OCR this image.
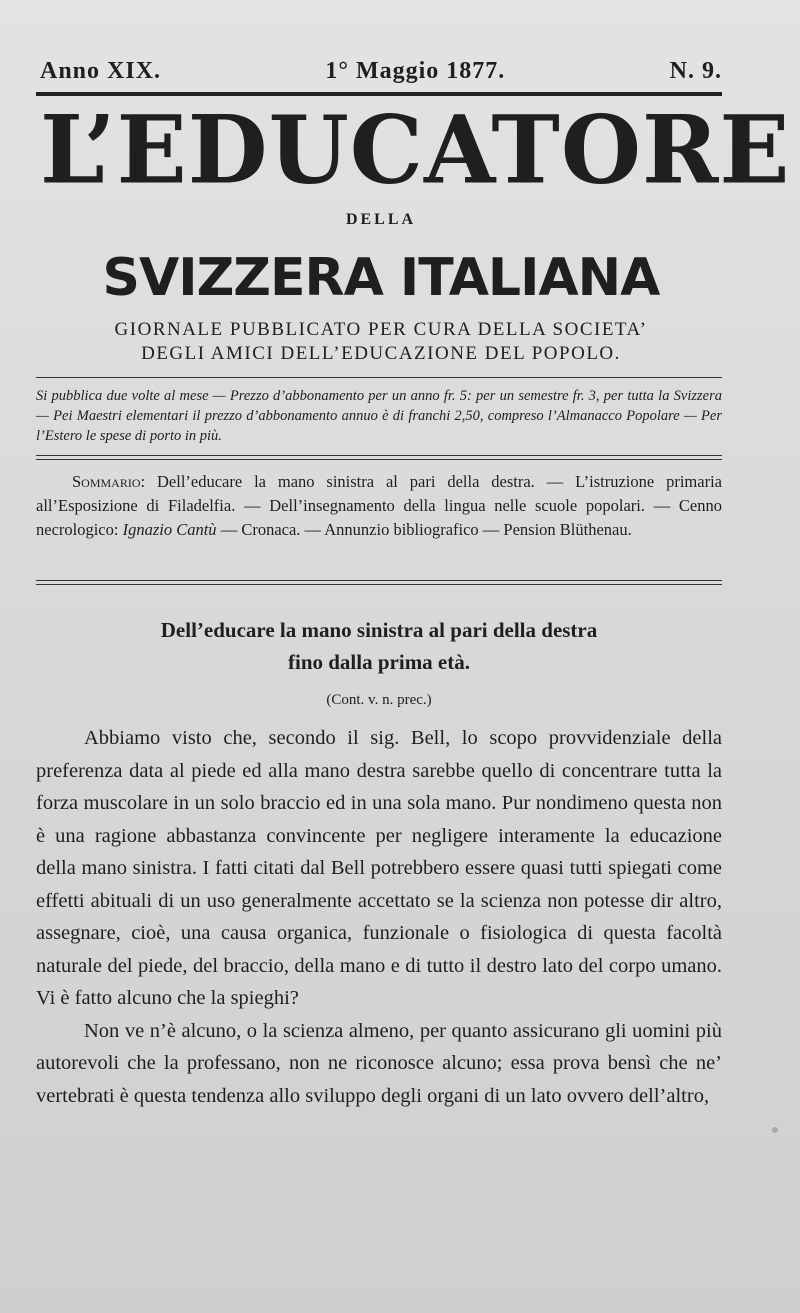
Anno XIX.	1° Maggio 1877.	N. 9.
L’EDUCATORE
DELLA
SVIZZERA ITALIANA
GIORNALE PUBBLICATO PER CURA DELLA SOCIETA’
DEGLI AMICI DELL’EDUCAZIONE DEL POPOLO.
Si pubblica due volte al mese — Prezzo d’abbonamento per un anno fr. 5: per un semestre fr. 3, per tutta la Svizzera — Pei Maestri elementari il prezzo d’abbonamento annuo è di franchi 2,50, compreso l’Almanacco Popolare — Per l’Estero le spese di porto in più.
Sommario: Dell’educare la mano sinistra al pari della destra. — L’istruzione primaria all’Esposizione di Filadelfia. — Dell’insegnamento della lingua nelle scuole popolari. — Cenno necrologico: Ignazio Cantù — Cronaca. — Annunzio bibliografico — Pension Blüthenau.
Dell’educare la mano sinistra al pari della destra
fino dalla prima età.
(Cont. v. n. prec.)

Abbiamo visto che, secondo il sig. Bell, lo scopo provvidenziale della preferenza data al piede ed alla mano destra sarebbe quello di concentrare tutta la forza muscolare in un solo braccio ed in una sola mano. Pur nondimeno questa non è una ragione abbastanza convincente per negligere interamente la educazione della mano sinistra. I fatti citati dal Bell potrebbero essere quasi tutti spiegati come effetti abituali di un uso generalmente accettato se la scienza non potesse dir altro, assegnare, cioè, una causa organica, funzionale o fisiologica di questa facoltà naturale del piede, del braccio, della mano e di tutto il destro lato del corpo umano. Vi è fatto alcuno che la spieghi?

Non ve n’è alcuno, o la scienza almeno, per quanto assicurano gli uomini più autorevoli che la professano, non ne riconosce alcuno; essa prova bensì che ne’ vertebrati è questa tendenza allo sviluppo degli organi di un lato ovvero dell’altro,
